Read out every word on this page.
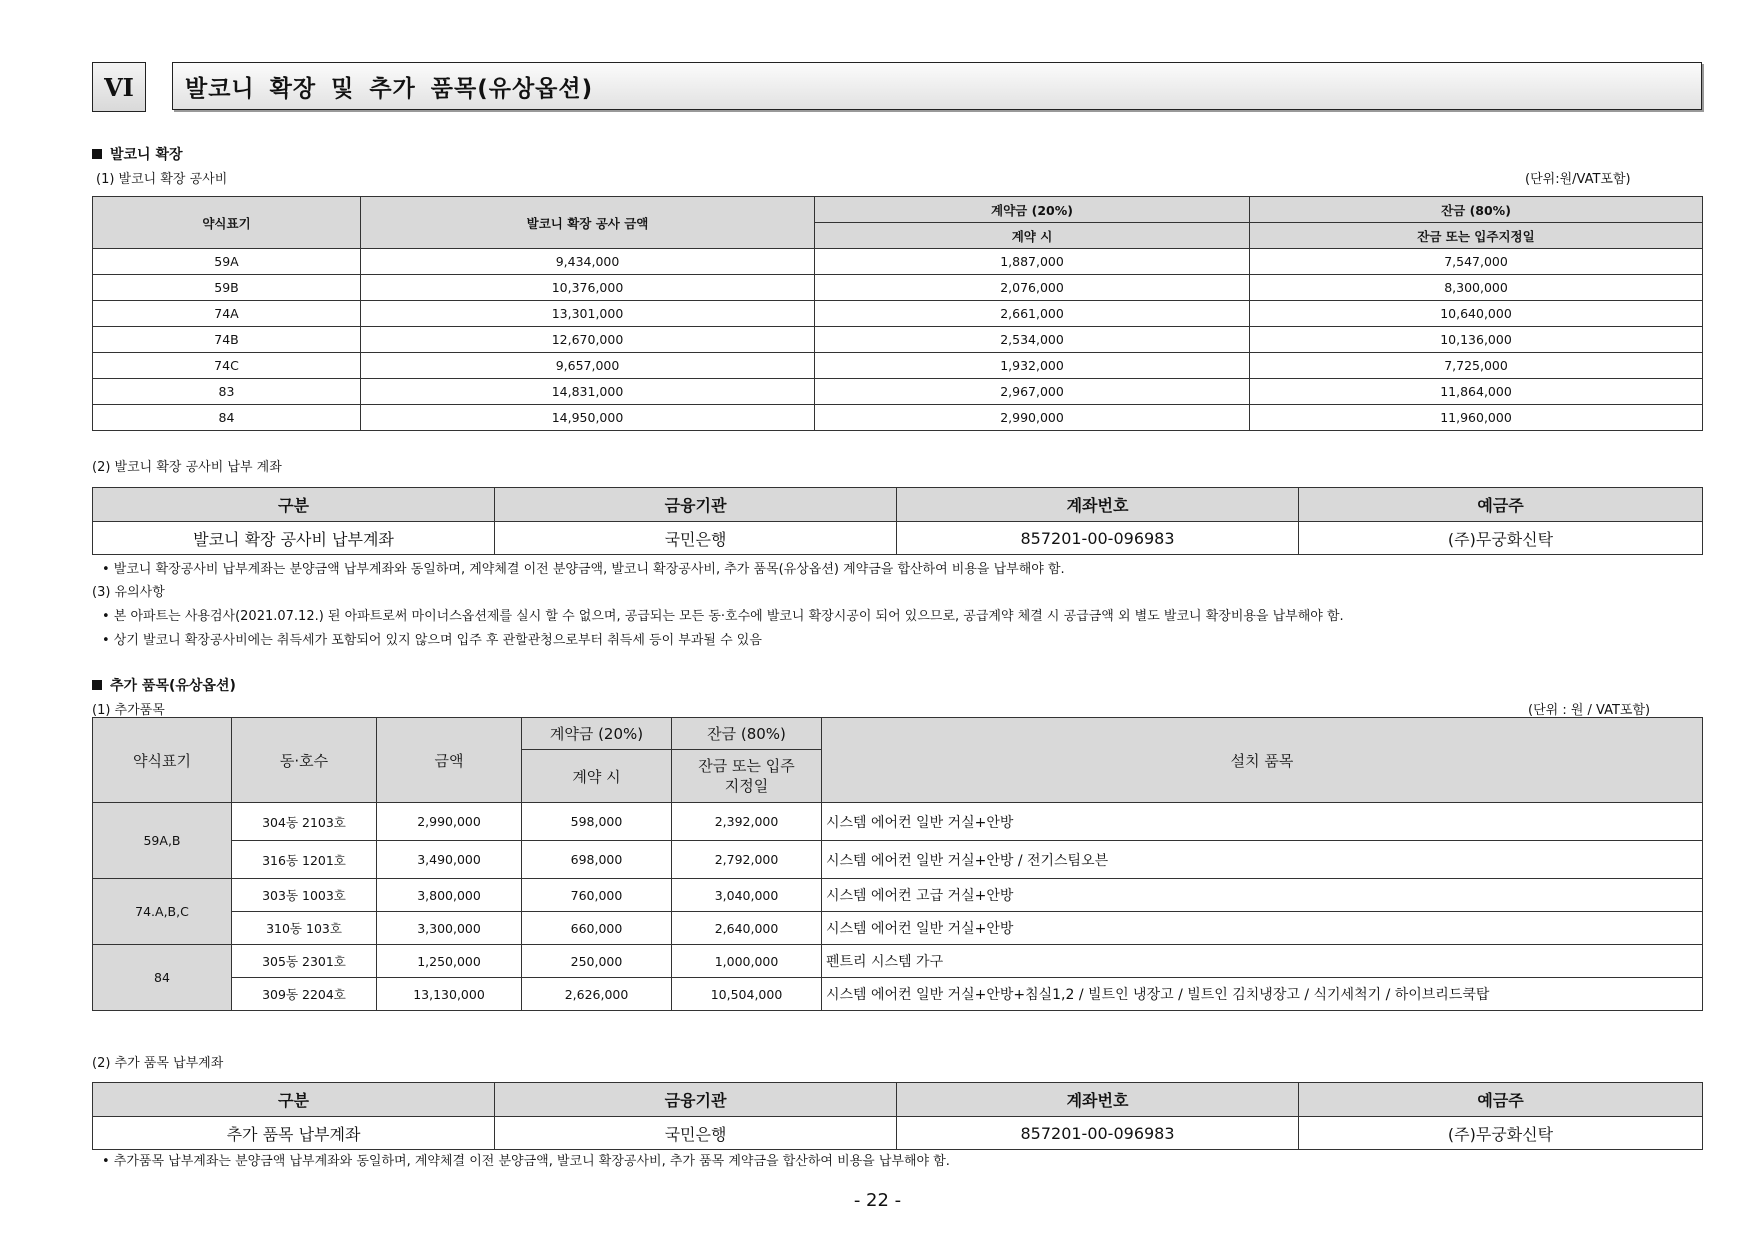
VI	발코니 확장 및 추가 품목(유상옵션)
발코니 확장
(1) 발코니 확장 공사비	(단위:원/VAT포함)
약식표기	발코니 확장 공사 금액	계약금 (20%)	잔금 (80%)
		계약 시	잔금 또는 입주지정일
59A	9,434,000	1,887,000	7,547,000
59B	10,376,000	2,076,000	8,300,000
74A	13,301,000	2,661,000	10,640,000
74B	12,670,000	2,534,000	10,136,000
74C	9,657,000	1,932,000	7,725,000
83	14,831,000	2,967,000	11,864,000
84	14,950,000	2,990,000	11,960,000
(2) 발코니 확장 공사비 납부 계좌
구분	금융기관	계좌번호	예금주
발코니 확장 공사비 납부계좌	국민은행	857201-00-096983	(주)무궁화신탁
• 발코니 확장공사비 납부계좌는 분양금액 납부계좌와 동일하며, 계약체결 이전 분양금액, 발코니 확장공사비, 추가 품목(유상옵션) 계약금을 합산하여 비용을 납부해야 함.
(3) 유의사항
• 본 아파트는 사용검사(2021.07.12.) 된 아파트로써 마이너스옵션제를 실시 할 수 없으며, 공급되는 모든 동·호수에 발코니 확장시공이 되어 있으므로, 공급계약 체결 시 공급금액 외 별도 발코니 확장비용을 납부해야 함.
• 상기 발코니 확장공사비에는 취득세가 포함되어 있지 않으며 입주 후 관할관청으로부터 취득세 등이 부과될 수 있음
추가 품목(유상옵션)
(1) 추가품목	(단위 : 원 / VAT포함)
약식표기	동·호수	금액	계약금 (20%)	잔금 (80%)	설치 품목
			계약 시	잔금 또는 입주지정일	
59A,B	304동 2103호	2,990,000	598,000	2,392,000	시스템 에어컨 일반 거실+안방
	316동 1201호	3,490,000	698,000	2,792,000	시스템 에어컨 일반 거실+안방 / 전기스팀오븐
74.A,B,C	303동 1003호	3,800,000	760,000	3,040,000	시스템 에어컨 고급 거실+안방
	310동 103호	3,300,000	660,000	2,640,000	시스템 에어컨 일반 거실+안방
84	305동 2301호	1,250,000	250,000	1,000,000	펜트리 시스템 가구
	309동 2204호	13,130,000	2,626,000	10,504,000	시스템 에어컨 일반 거실+안방+침실1,2 / 빌트인 냉장고 / 빌트인 김치냉장고 / 식기세척기 / 하이브리드쿡탑
(2) 추가 품목 납부계좌
구분	금융기관	계좌번호	예금주
추가 품목 납부계좌	국민은행	857201-00-096983	(주)무궁화신탁
• 추가품목 납부계좌는 분양금액 납부계좌와 동일하며, 계약체결 이전 분양금액, 발코니 확장공사비, 추가 품목 계약금을 합산하여 비용을 납부해야 함.
- 22 -
